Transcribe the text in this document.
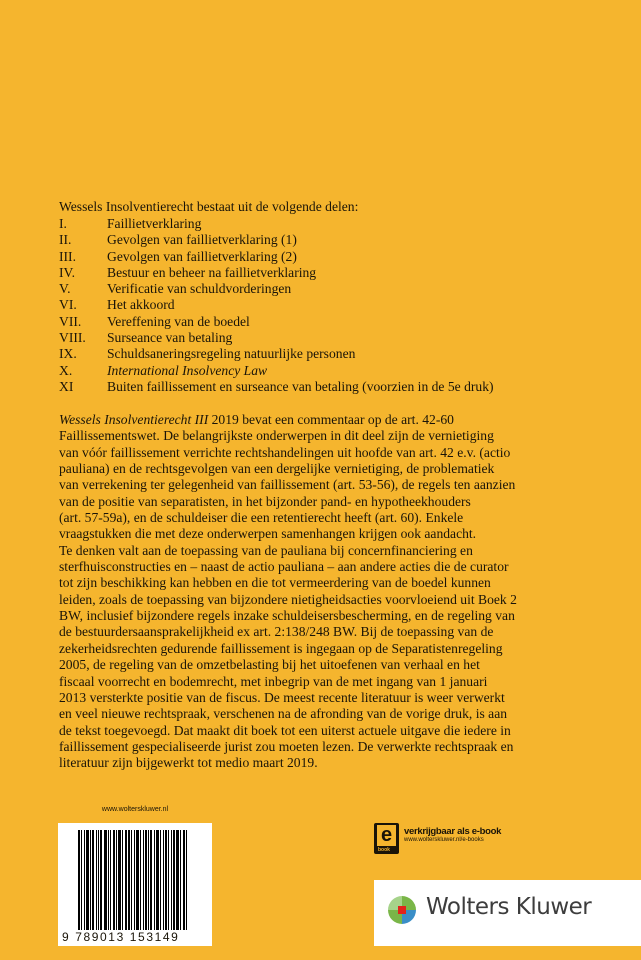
Wessels Insolventierecht bestaat uit de volgende delen:
I.	Faillietverklaring
II.	Gevolgen van faillietverklaring (1)
III.	Gevolgen van faillietverklaring (2)
IV.	Bestuur en beheer na faillietverklaring
V.	Verificatie van schuldvorderingen
VI.	Het akkoord
VII.	Vereffening van de boedel
VIII.	Surseance van betaling
IX.	Schuldsaneringsregeling natuurlijke personen
X.	International Insolvency Law
XI	Buiten faillissement en surseance van betaling (voorzien in de 5e druk)
Wessels Insolventierecht III 2019 bevat een commentaar op de art. 42-60
Faillissementswet. De belangrijkste onderwerpen in dit deel zijn de vernietiging
van vóór faillissement verrichte rechtshandelingen uit hoofde van art. 42 e.v. (actio
pauliana) en de rechtsgevolgen van een dergelijke vernietiging, de problematiek
van verrekening ter gelegenheid van faillissement (art. 53-56), de regels ten aanzien
van de positie van separatisten, in het bijzonder pand- en hypotheekhouders
(art. 57-59a), en de schuldeiser die een retentierecht heeft (art. 60). Enkele
vraagstukken die met deze onderwerpen samenhangen krijgen ook aandacht.
Te denken valt aan de toepassing van de pauliana bij concernfinanciering en
sterfhuisconstructies en – naast de actio pauliana – aan andere acties die de curator
tot zijn beschikking kan hebben en die tot vermeerdering van de boedel kunnen
leiden, zoals de toepassing van bijzondere nietigheidsacties voorvloeiend uit Boek 2
BW, inclusief bijzondere regels inzake schuldeisersbescherming, en de regeling van
de bestuurdersaansprakelijkheid ex art. 2:138/248 BW. Bij de toepassing van de
zekerheidsrechten gedurende faillissement is ingegaan op de Separatistenregeling
2005, de regeling van de omzetbelasting bij het uitoefenen van verhaal en het
fiscaal voorrecht en bodemrecht, met inbegrip van de met ingang van 1 januari
2013 versterkte positie van de fiscus. De meest recente literatuur is weer verwerkt
en veel nieuwe rechtspraak, verschenen na de afronding van de vorige druk, is aan
de tekst toegevoegd. Dat maakt dit boek tot een uiterst actuele uitgave die iedere in
faillissement gespecialiseerde jurist zou moeten lezen. De verwerkte rechtspraak en
literatuur zijn bijgewerkt tot medio maart 2019.
www.wolterskluwer.nl
9 789013 153149
e
book
verkrijgbaar als e-book
www.wolterskluwer.nl/e-books
Wolters Kluwer
